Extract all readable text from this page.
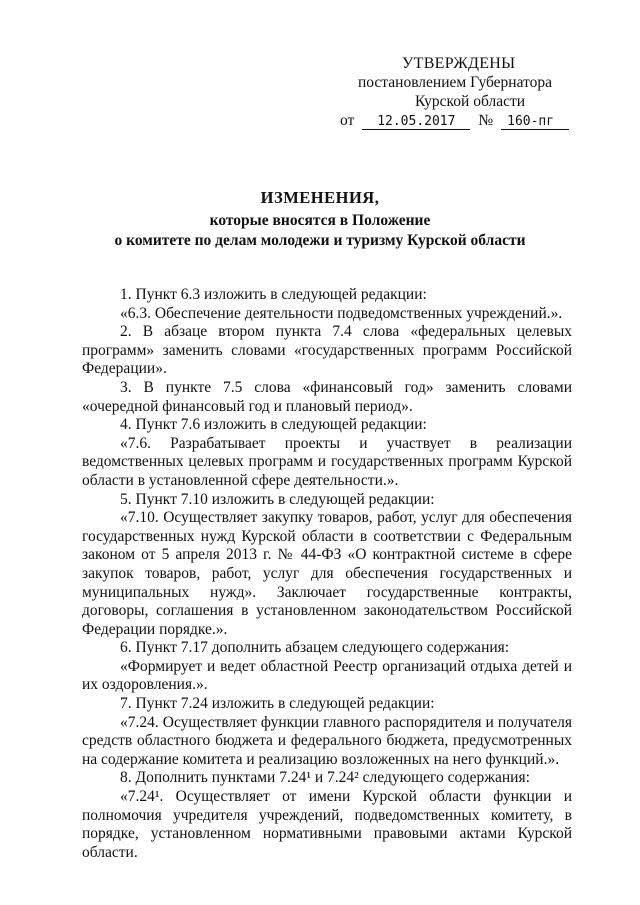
УТВЕРЖДЕНЫ
постановлением Губернатора
Курской области
от	12.05.2017	№	160-пг
ИЗМЕНЕНИЯ,
которые вносятся в Положение
о комитете по делам молодежи и туризму Курской области

1. Пункт 6.3 изложить в следующей редакции:

«6.3. Обеспечение деятельности подведомственных учреждений.».

2. В абзаце втором пункта 7.4 слова «федеральных целевых программ» заменить словами «государственных программ Российской Федерации».

3. В пункте 7.5 слова «финансовый год» заменить словами «очередной финансовый год и плановый период».

4. Пункт 7.6 изложить в следующей редакции:

«7.6. Разрабатывает проекты и участвует в реализации ведомственных целевых программ и государственных программ Курской области в установленной сфере деятельности.».

5. Пункт 7.10 изложить в следующей редакции:

«7.10. Осуществляет закупку товаров, работ, услуг для обеспечения государственных нужд Курской области в соответствии с Федеральным законом от 5 апреля 2013 г. № 44-ФЗ «О контрактной системе в сфере закупок товаров, работ, услуг для обеспечения государственных и муниципальных нужд». Заключает государственные контракты, договоры, соглашения в установленном законодательством Российской Федерации порядке.».

6. Пункт 7.17 дополнить абзацем следующего содержания:

«Формирует и ведет областной Реестр организаций отдыха детей и их оздоровления.».

7. Пункт 7.24 изложить в следующей редакции:

«7.24. Осуществляет функции главного распорядителя и получателя средств областного бюджета и федерального бюджета, предусмотренных на содержание комитета и реализацию возложенных на него функций.».

8. Дополнить пунктами 7.24¹ и 7.24² следующего содержания:

«7.24¹. Осуществляет от имени Курской области функции и полномочия учредителя учреждений, подведомственных комитету, в порядке, установленном нормативными правовыми актами Курской области.
